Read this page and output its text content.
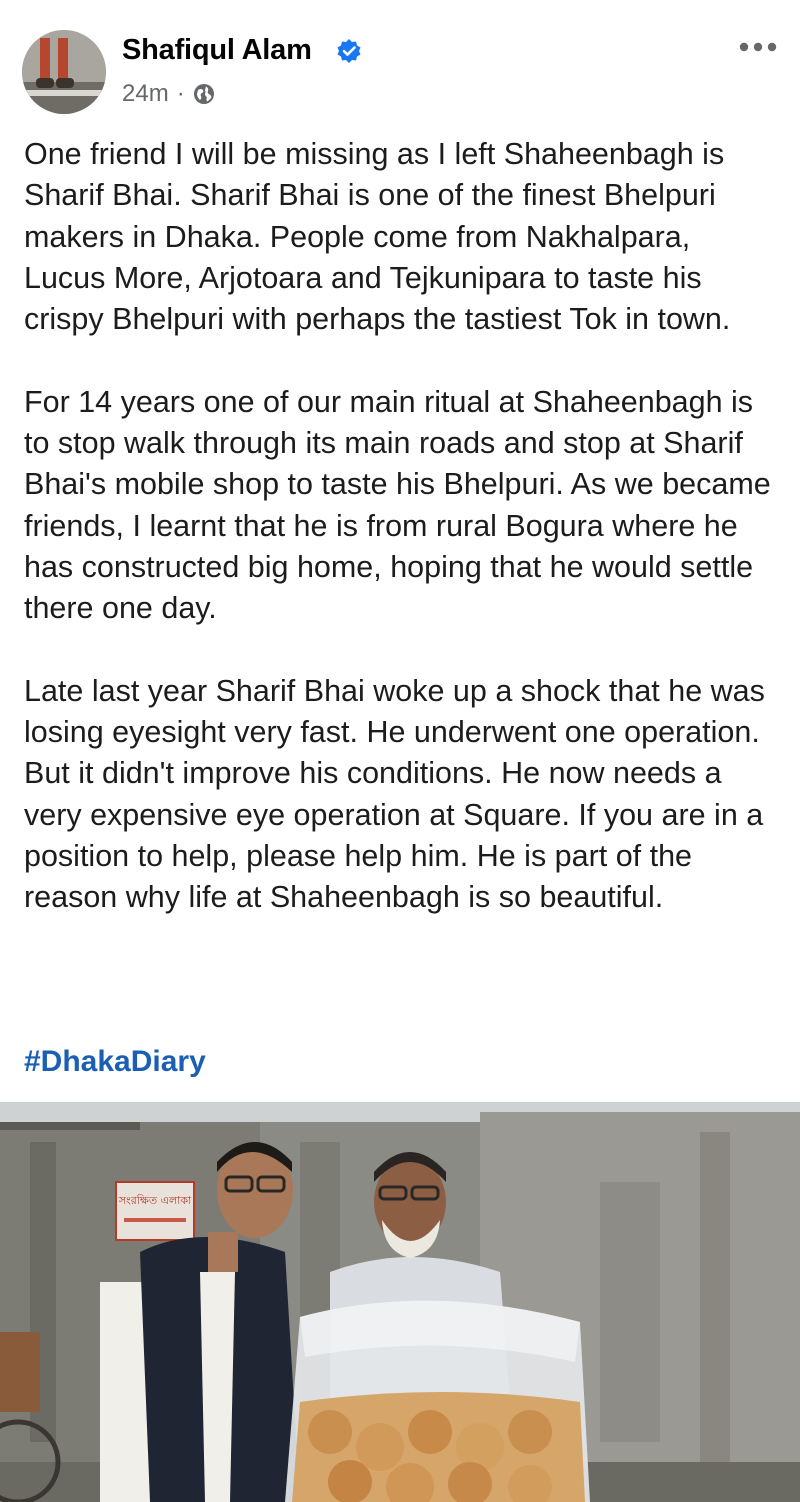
Shafiqul Alam
24m ·

One friend I will be missing as I left Shaheenbagh is Sharif Bhai. Sharif Bhai is one of the finest Bhelpuri makers in Dhaka. People come from Nakhalpara, Lucus More, Arjotoara and Tejkunipara to taste his crispy Bhelpuri with perhaps the tastiest Tok in town.

For 14 years one of our main ritual at Shaheenbagh is to stop walk through its main roads and stop at Sharif Bhai's mobile shop to taste his Bhelpuri. As we became friends, I learnt that he is from rural Bogura where he has constructed big home, hoping that he would settle there one day.

Late last year Sharif Bhai woke up a shock that he was losing eyesight very fast. He underwent one operation. But it didn't improve his conditions. He now needs a very expensive eye operation at Square. If you are in a position to help, please help him. He is part of the reason why life at Shaheenbagh is so beautiful.

#DhakaDiary
সংরক্ষিত এলাকা
